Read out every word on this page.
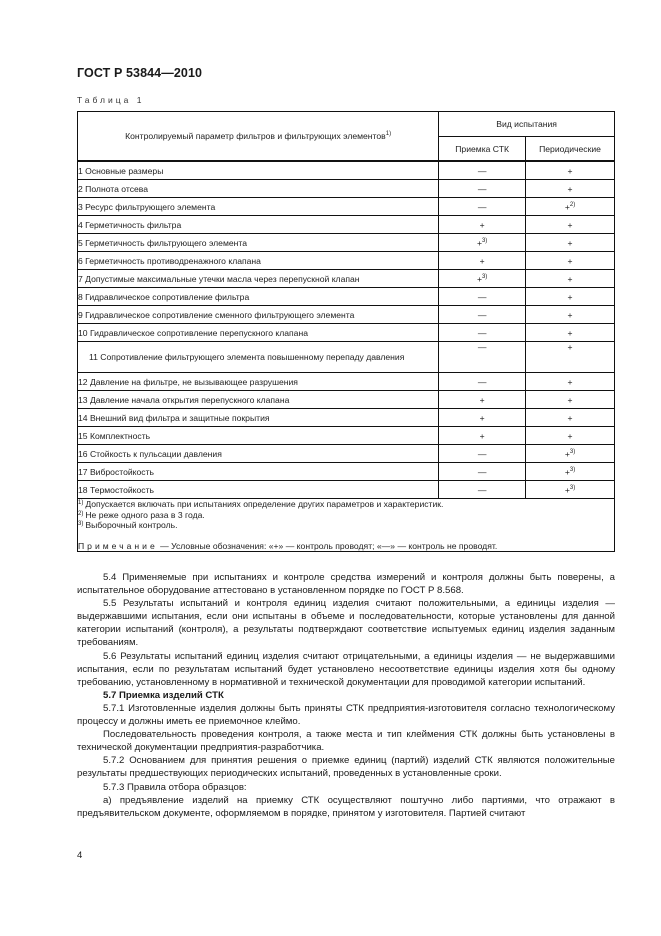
ГОСТ Р 53844—2010
Таблица 1
Контролируемый параметр фильтров и фильтрующих элементов$^{1)}$	Вид испытания	
	Приемка СТК	Периодические
1 Основные размеры	—	+
2 Полнота отсева	—	+
3 Ресурс фильтрующего элемента	—	+$^{2)}$
4 Герметичность фильтра	+	+
5 Герметичность фильтрующего элемента	+$^{3)}$	+
6 Герметичность противодренажного клапана	+	+
7 Допустимые максимальные утечки масла через перепускной клапан	+$^{3)}$	+
8 Гидравлическое сопротивление фильтра	—	+
9 Гидравлическое сопротивление сменного фильтрующего элемента	—	+
10 Гидравлическое сопротивление перепускного клапана	—	+
11 Сопротивление фильтрующего элемента повышенному перепаду давления	—	+
12 Давление на фильтре, не вызывающее разрушения	—	+
13 Давление начала открытия перепускного клапана	+	+
14 Внешний вид фильтра и защитные покрытия	+	+
15 Комплектность	+	+
16 Стойкость к пульсации давления	—	+$^{3)}$
17 Вибростойкость	—	+$^{3)}$
18 Термостойкость	—	+$^{3)}$

$^{1)}$ Допускается включать при испытаниях определение других параметров и характеристик.
$^{2)}$ Не реже одного раза в 3 года.
$^{3)}$ Выборочный контроль.
Примечание — Условные обозначения: «+» — контроль проводят; «—» — контроль не проводят.		

5.4 Применяемые при испытаниях и контроле средства измерений и контроля должны быть поверены, а испытательное оборудование аттестовано в установленном порядке по ГОСТ Р 8.568.

5.5 Результаты испытаний и контроля единиц изделия считают положительными, а единицы изделия — выдержавшими испытания, если они испытаны в объеме и последовательности, которые установлены для данной категории испытаний (контроля), а результаты подтверждают соответствие испытуемых единиц изделия заданным требованиям.

5.6 Результаты испытаний единиц изделия считают отрицательными, а единицы изделия — не выдержавшими испытания, если по результатам испытаний будет установлено несоответствие единицы изделия хотя бы одному требованию, установленному в нормативной и технической документации для проводимой категории испытаний.

5.7 Приемка изделий СТК

5.7.1 Изготовленные изделия должны быть приняты СТК предприятия-изготовителя согласно технологическому процессу и должны иметь ее приемочное клеймо.

Последовательность проведения контроля, а также места и тип клеймения СТК должны быть установлены в технической документации предприятия-разработчика.

5.7.2 Основанием для принятия решения о приемке единиц (партий) изделий СТК являются положительные результаты предшествующих периодических испытаний, проведенных в установленные сроки.

5.7.3 Правила отбора образцов:

а) предъявление изделий на приемку СТК осуществляют поштучно либо партиями, что отражают в предъявительском документе, оформляемом в порядке, принятом у изготовителя. Партией считают

4
